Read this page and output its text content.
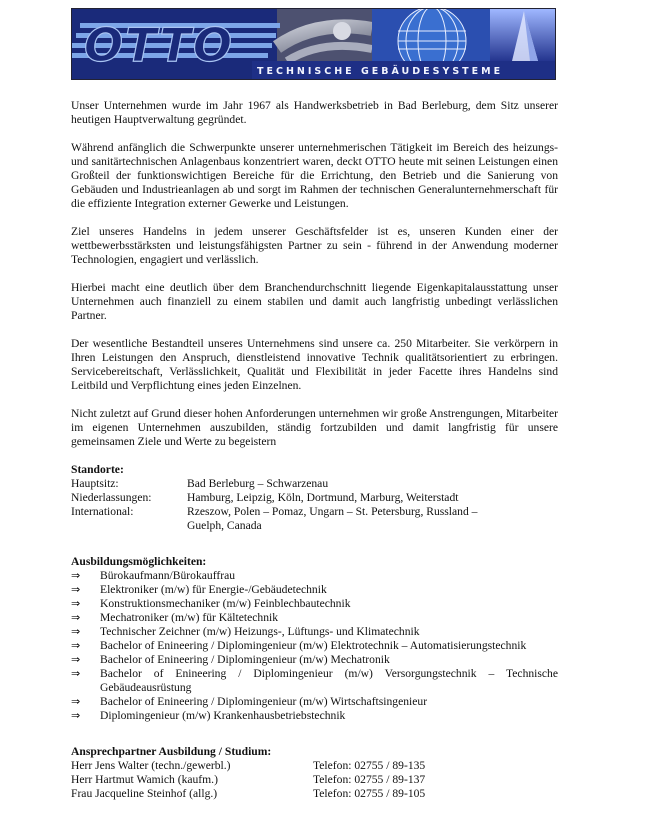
OTTO TECHNISCHE GEBÄUDESYSTEME

Unser Unternehmen wurde im Jahr 1967 als Handwerksbetrieb in Bad Berleburg, dem Sitz unserer heutigen Hauptverwaltung gegründet.

Während anfänglich die Schwerpunkte unserer unternehmerischen Tätigkeit im Bereich des heizungs- und sanitärtechnischen Anlagenbaus konzentriert waren, deckt OTTO heute mit seinen Leistungen einen Großteil der funktionswichtigen Bereiche für die Errichtung, den Betrieb und die Sanierung von Gebäuden und Industrieanlagen ab und sorgt im Rahmen der technischen Generalunternehmerschaft für die effiziente Integration externer Gewerke und Leistungen.

Ziel unseres Handelns in jedem unserer Geschäftsfelder ist es, unseren Kunden einer der wettbewerbsstärksten und leistungsfähigsten Partner zu sein - führend in der Anwendung moderner Technologien, engagiert und verlässlich.

Hierbei macht eine deutlich über dem Branchendurchschnitt liegende Eigenkapitalausstattung unser Unternehmen auch finanziell zu einem stabilen und damit auch langfristig unbedingt verlässlichen Partner.

Der wesentliche Bestandteil unseres Unternehmens sind unsere ca. 250 Mitarbeiter. Sie verkörpern in Ihren Leistungen den Anspruch, dienstleistend innovative Technik qualitätsorientiert zu erbringen. Servicebereitschaft, Verlässlichkeit, Qualität und Flexibilität in jeder Facette ihres Handelns sind Leitbild und Verpflichtung eines jeden Einzelnen.

Nicht zuletzt auf Grund dieser hohen Anforderungen unternehmen wir große Anstrengungen, Mitarbeiter im eigenen Unternehmen auszubilden, ständig fortzubilden und damit langfristig für unsere gemeinsamen Ziele und Werte zu begeistern

Standorte:
Hauptsitz:	Bad Berleburg – Schwarzenau
Niederlassungen:	Hamburg, Leipzig, Köln, Dortmund, Marburg, Weiterstadt
International:	Rzeszow, Polen – Pomaz, Ungarn – St. Petersburg, Russland – Guelph, Canada
Ausbildungsmöglichkeiten:
⇒	Bürokaufmann/Bürokauffrau
⇒	Elektroniker (m/w) für Energie-/Gebäudetechnik
⇒	Konstruktionsmechaniker (m/w) Feinblechbautechnik
⇒	Mechatroniker (m/w) für Kältetechnik
⇒	Technischer Zeichner (m/w) Heizungs-, Lüftungs- und Klimatechnik
⇒	Bachelor of Enineering / Diplomingenieur (m/w) Elektrotechnik – Automatisierungstechnik
⇒	Bachelor of Enineering / Diplomingenieur (m/w) Mechatronik
⇒	Bachelor of Enineering / Diplomingenieur (m/w) Versorgungstechnik – Technische Gebäudeausrüstung
⇒	Bachelor of Enineering / Diplomingenieur (m/w) Wirtschaftsingenieur
⇒	Diplomingenieur (m/w) Krankenhausbetriebstechnik
Ansprechpartner Ausbildung / Studium:
Herr Jens Walter (techn./gewerbl.)	Telefon: 02755 / 89-135
Herr Hartmut Wamich (kaufm.)	Telefon: 02755 / 89-137
Frau Jacqueline Steinhof (allg.)	Telefon: 02755 / 89-105
